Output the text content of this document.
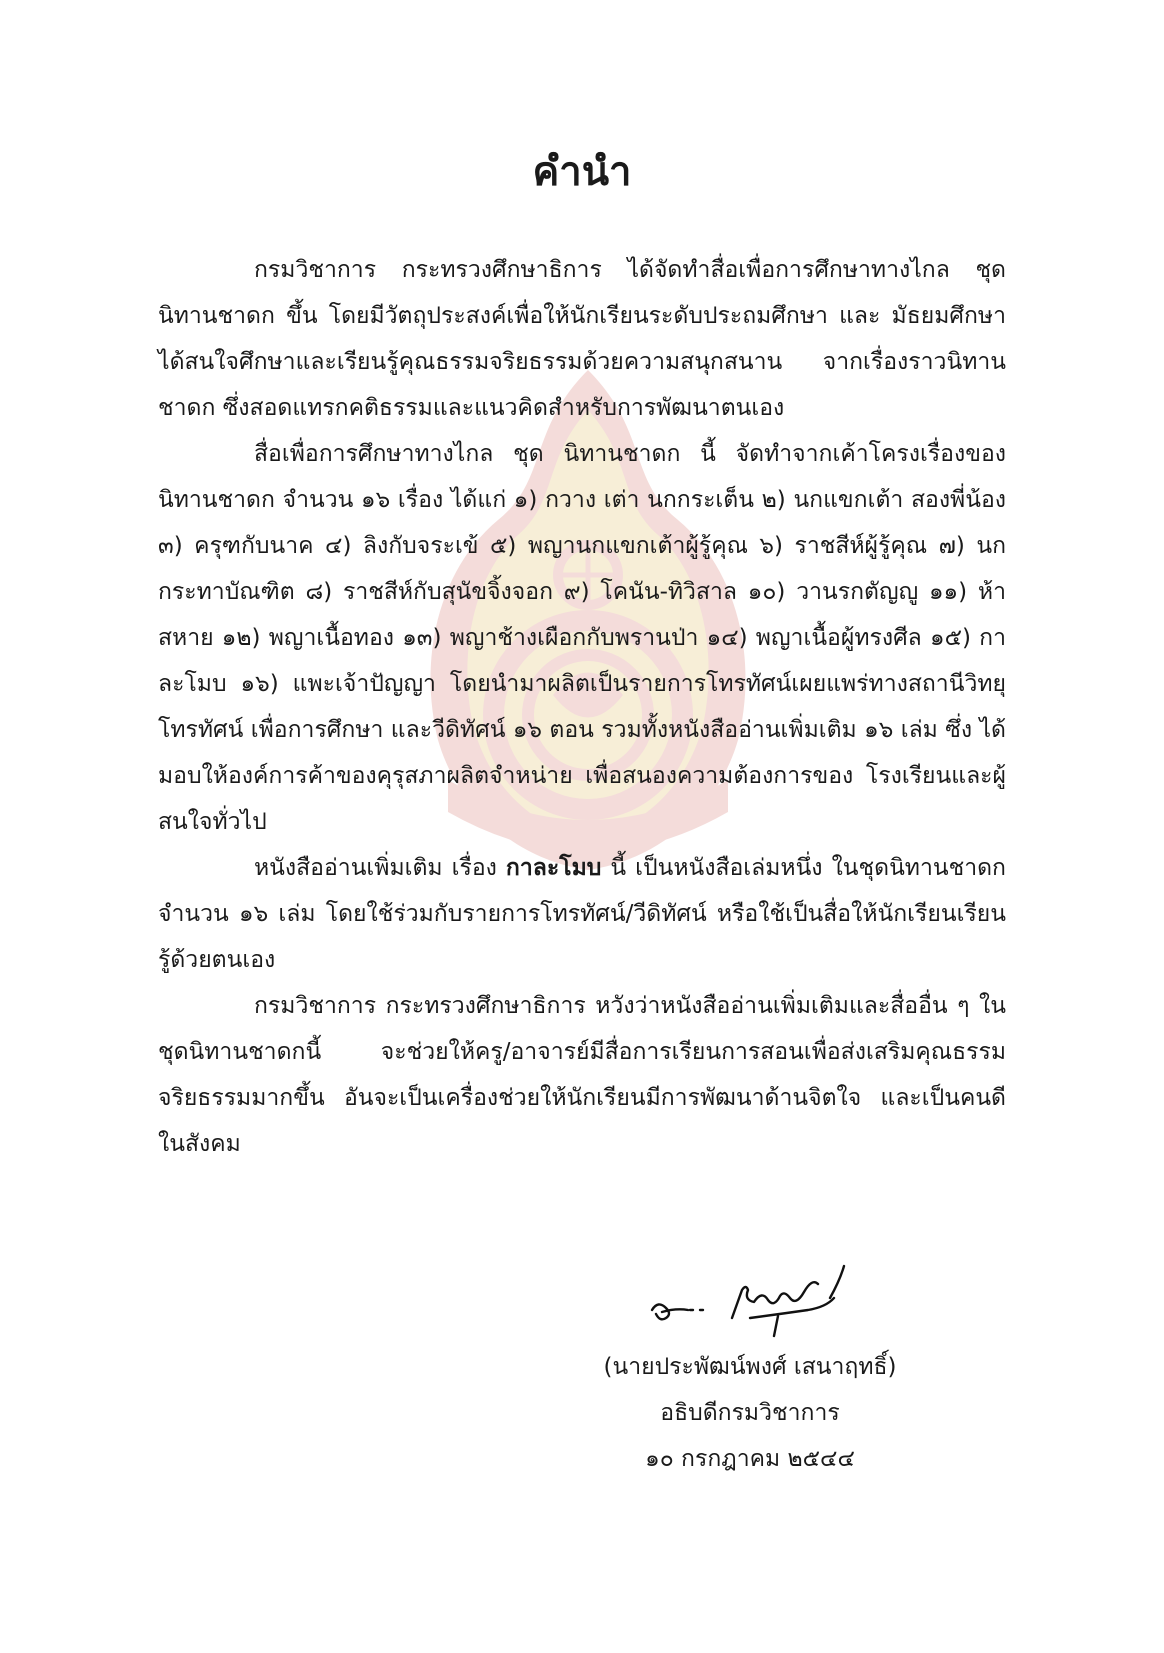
คำนำ

กรมวิชาการ กระทรวงศึกษาธิการ ได้จัดทำสื่อเพื่อการศึกษาทางไกล ชุด นิทานชาดก ขึ้น โดยมีวัตถุประสงค์เพื่อให้นักเรียนระดับประถมศึกษา และ มัธยมศึกษา ได้สนใจศึกษาและเรียนรู้คุณธรรมจริยธรรมด้วยความสนุกสนาน จากเรื่องราวนิทานชาดก ซึ่งสอดแทรกคติธรรมและแนวคิดสำหรับการพัฒนาตนเอง

สื่อเพื่อการศึกษาทางไกล ชุด นิทานชาดก นี้ จัดทำจากเค้าโครงเรื่องของ นิทานชาดก จำนวน ๑๖ เรื่อง ได้แก่ ๑) กวาง เต่า นกกระเต็น ๒) นกแขกเต้า สองพี่น้อง ๓) ครุฑกับนาค ๔) ลิงกับจระเข้ ๕) พญานกแขกเต้าผู้รู้คุณ ๖) ราชสีห์ผู้รู้คุณ ๗) นกกระทาบัณฑิต ๘) ราชสีห์กับสุนัขจิ้งจอก ๙) โคนัน-ทิวิสาล ๑๐) วานรกตัญญู ๑๑) ห้าสหาย ๑๒) พญาเนื้อทอง ๑๓) พญาช้างเผือกกับพรานป่า ๑๔) พญาเนื้อผู้ทรงศีล ๑๕) กาละโมบ ๑๖) แพะเจ้าปัญญา โดยนำมาผลิตเป็นรายการโทรทัศน์เผยแพร่ทางสถานีวิทยุโทรทัศน์ เพื่อการศึกษา และวีดิทัศน์ ๑๖ ตอน รวมทั้งหนังสืออ่านเพิ่มเติม ๑๖ เล่ม ซึ่ง ได้มอบให้องค์การค้าของคุรุสภาผลิตจำหน่าย เพื่อสนองความต้องการของ โรงเรียนและผู้สนใจทั่วไป

หนังสืออ่านเพิ่มเติม เรื่อง กาละโมบ นี้ เป็นหนังสือเล่มหนึ่ง ในชุดนิทานชาดก จำนวน ๑๖ เล่ม โดยใช้ร่วมกับรายการโทรทัศน์/วีดิทัศน์ หรือใช้เป็นสื่อให้นักเรียนเรียนรู้ด้วยตนเอง

กรมวิชาการ กระทรวงศึกษาธิการ หวังว่าหนังสืออ่านเพิ่มเติมและสื่ออื่น ๆ ในชุดนิทานชาดกนี้ จะช่วยให้ครู/อาจารย์มีสื่อการเรียนการสอนเพื่อส่งเสริมคุณธรรมจริยธรรมมากขึ้น อันจะเป็นเครื่องช่วยให้นักเรียนมีการพัฒนาด้านจิตใจ และเป็นคนดีในสังคม

(นายประพัฒน์พงศ์ เสนาฤทธิ์)
อธิบดีกรมวิชาการ
๑๐ กรกฎาคม ๒๕๔๔
